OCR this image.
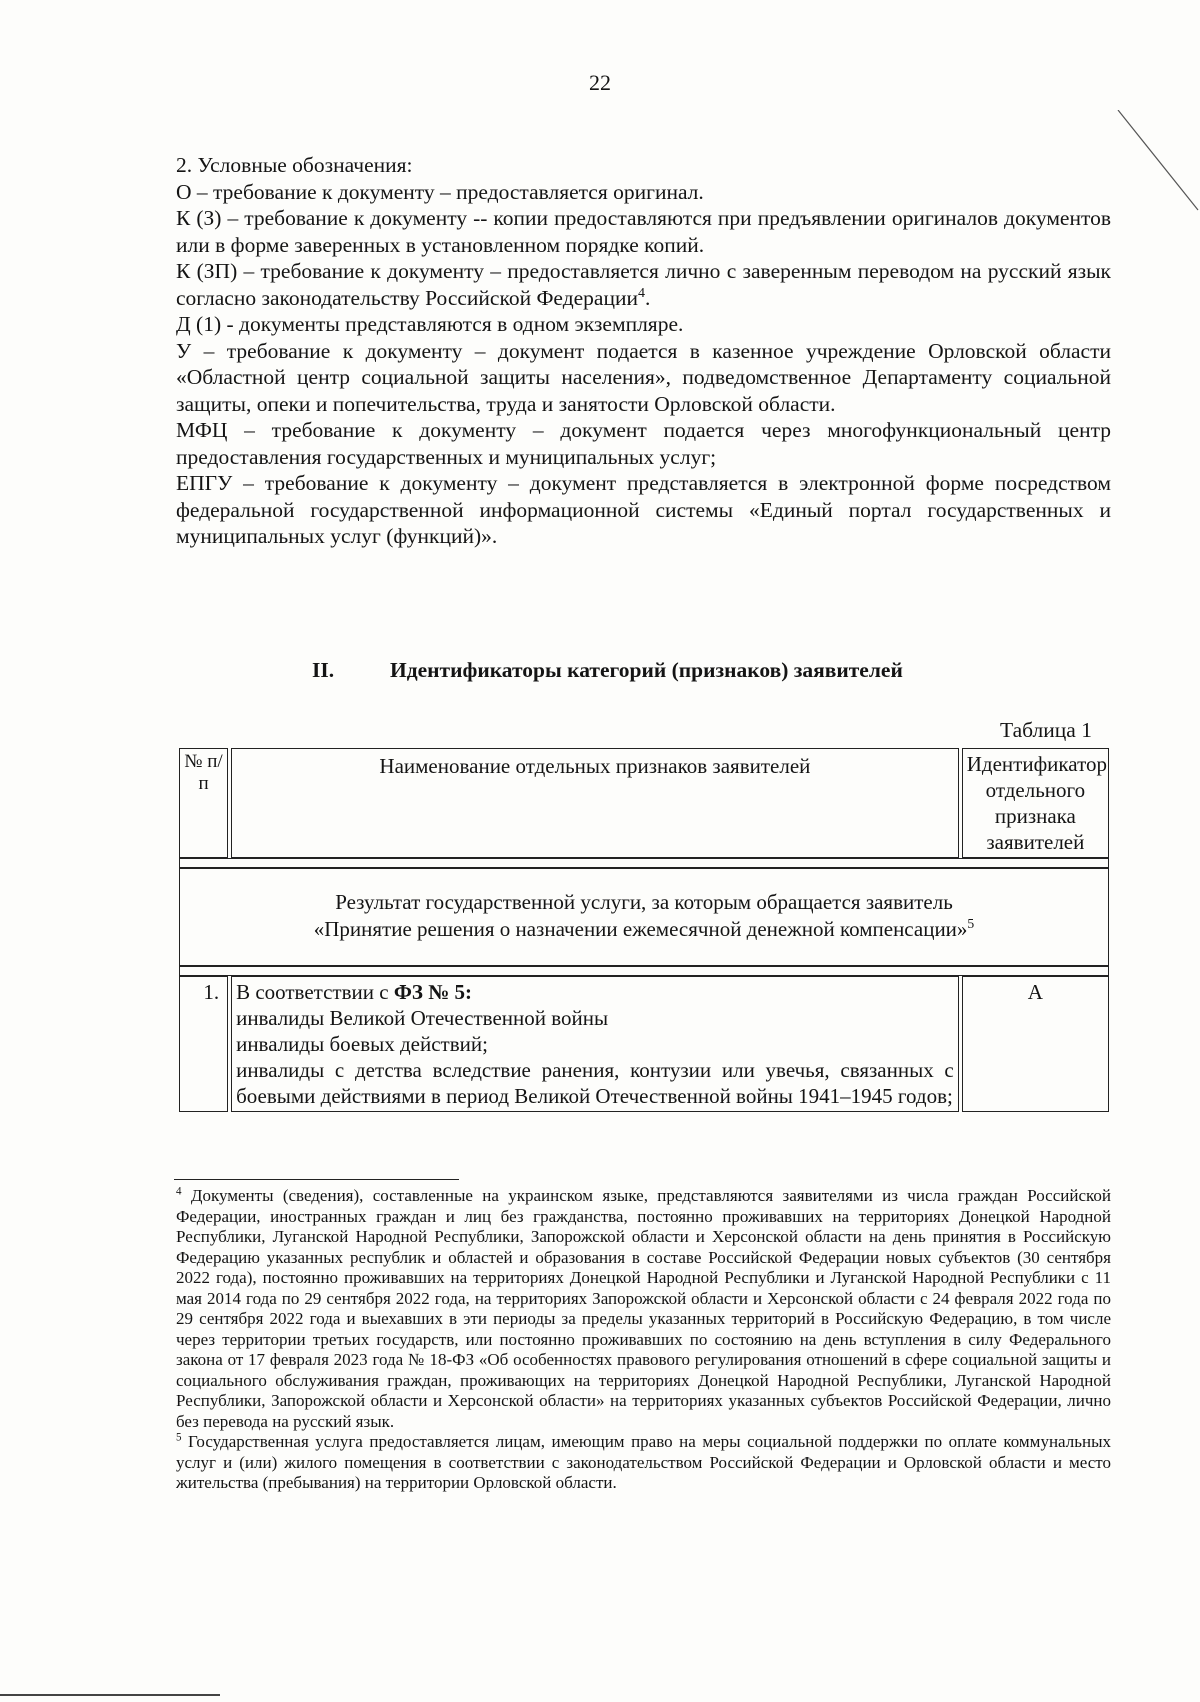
22

2. Условные обозначения:

О – требование к документу – предоставляется оригинал.

К (З) – требование к документу -- копии предоставляются при предъявлении оригиналов документов или в форме заверенных в установленном порядке копий.

К (ЗП) – требование к документу – предоставляется лично с заверенным переводом на русский язык согласно законодательству Российской Федерации$^4$.

Д (1) - документы представляются в одном экземпляре.

У – требование к документу – документ подается в казенное учреждение Орловской области «Областной центр социальной защиты населения», подведомственное Департаменту социальной защиты, опеки и попечительства, труда и занятости Орловской области.

МФЦ – требование к документу – документ подается через многофункциональный центр предоставления государственных и муниципальных услуг;

ЕПГУ – требование к документу – документ представляется в электронной форме посредством федеральной государственной информационной системы «Единый портал государственных и муниципальных услуг (функций)».

II.	Идентификаторы категорий (признаков) заявителей
Таблица 1
№ п/п	Наименование отдельных признаков заявителей	Идентификатор отдельного признака заявителей

Результат государственной услуги, за которым обращается заявитель
«Принятие решения о назначении ежемесячной денежной компенсации»$^5$

1.	В соответствии с ФЗ № 5:
инвалиды Великой Отечественной войны
инвалиды боевых действий;
инвалиды с детства вследствие ранения, контузии или увечья, связанных с боевыми действиями в период Великой Отечественной войны 1941–1945 годов;	А

$^4$ Документы (сведения), составленные на украинском языке, представляются заявителями из числа граждан Российской Федерации, иностранных граждан и лиц без гражданства, постоянно проживавших на территориях Донецкой Народной Республики, Луганской Народной Республики, Запорожской области и Херсонской области на день принятия в Российскую Федерацию указанных республик и областей и образования в составе Российской Федерации новых субъектов (30 сентября 2022 года), постоянно проживавших на территориях Донецкой Народной Республики и Луганской Народной Республики с 11 мая 2014 года по 29 сентября 2022 года, на территориях Запорожской области и Херсонской области с 24 февраля 2022 года по 29 сентября 2022 года и выехавших в эти периоды за пределы указанных территорий в Российскую Федерацию, в том числе через территории третьих государств, или постоянно проживавших по состоянию на день вступления в силу Федерального закона от 17 февраля 2023 года № 18-ФЗ «Об особенностях правового регулирования отношений в сфере социальной защиты и социального обслуживания граждан, проживающих на территориях Донецкой Народной Республики, Луганской Народной Республики, Запорожской области и Херсонской области» на территориях указанных субъектов Российской Федерации, лично без перевода на русский язык.

$^5$ Государственная услуга предоставляется лицам, имеющим право на меры социальной поддержки по оплате коммунальных услуг и (или) жилого помещения в соответствии с законодательством Российской Федерации и Орловской области и место жительства (пребывания) на территории Орловской области.
